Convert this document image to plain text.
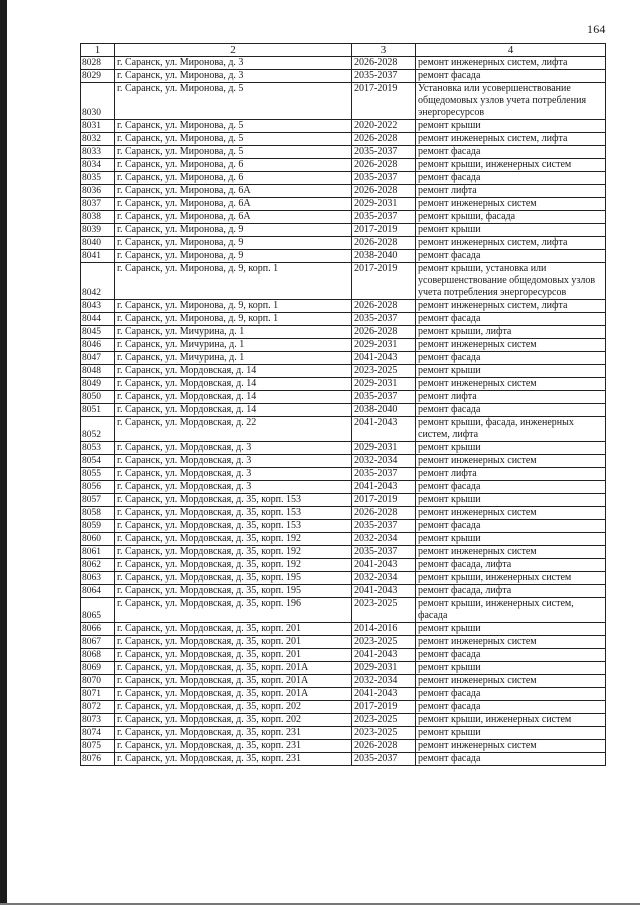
164
1	2	3	4
8028	г. Саранск, ул. Миронова, д. 3	2026-2028	ремонт инженерных систем, лифта
8029	г. Саранск, ул. Миронова, д. 3	2035-2037	ремонт фасада
8030	г. Саранск, ул. Миронова, д. 5	2017-2019	Установка или усовершенствование общедомовых узлов учета потребления энергоресурсов
8031	г. Саранск, ул. Миронова, д. 5	2020-2022	ремонт крыши
8032	г. Саранск, ул. Миронова, д. 5	2026-2028	ремонт инженерных систем, лифта
8033	г. Саранск, ул. Миронова, д. 5	2035-2037	ремонт фасада
8034	г. Саранск, ул. Миронова, д. 6	2026-2028	ремонт крыши, инженерных систем
8035	г. Саранск, ул. Миронова, д. 6	2035-2037	ремонт фасада
8036	г. Саранск, ул. Миронова, д. 6А	2026-2028	ремонт лифта
8037	г. Саранск, ул. Миронова, д. 6А	2029-2031	ремонт инженерных систем
8038	г. Саранск, ул. Миронова, д. 6А	2035-2037	ремонт крыши, фасада
8039	г. Саранск, ул. Миронова, д. 9	2017-2019	ремонт крыши
8040	г. Саранск, ул. Миронова, д. 9	2026-2028	ремонт инженерных систем, лифта
8041	г. Саранск, ул. Миронова, д. 9	2038-2040	ремонт фасада
8042	г. Саранск, ул. Миронова, д. 9, корп. 1	2017-2019	ремонт крыши, установка или усовершенствование общедомовых узлов учета потребления энергоресурсов
8043	г. Саранск, ул. Миронова, д. 9, корп. 1	2026-2028	ремонт инженерных систем, лифта
8044	г. Саранск, ул. Миронова, д. 9, корп. 1	2035-2037	ремонт фасада
8045	г. Саранск, ул. Мичурина, д. 1	2026-2028	ремонт крыши, лифта
8046	г. Саранск, ул. Мичурина, д. 1	2029-2031	ремонт инженерных систем
8047	г. Саранск, ул. Мичурина, д. 1	2041-2043	ремонт фасада
8048	г. Саранск, ул. Мордовская, д. 14	2023-2025	ремонт крыши
8049	г. Саранск, ул. Мордовская, д. 14	2029-2031	ремонт инженерных систем
8050	г. Саранск, ул. Мордовская, д. 14	2035-2037	ремонт лифта
8051	г. Саранск, ул. Мордовская, д. 14	2038-2040	ремонт фасада
8052	г. Саранск, ул. Мордовская, д. 22	2041-2043	ремонт крыши, фасада, инженерных систем, лифта
8053	г. Саранск, ул. Мордовская, д. 3	2029-2031	ремонт крыши
8054	г. Саранск, ул. Мордовская, д. 3	2032-2034	ремонт инженерных систем
8055	г. Саранск, ул. Мордовская, д. 3	2035-2037	ремонт лифта
8056	г. Саранск, ул. Мордовская, д. 3	2041-2043	ремонт фасада
8057	г. Саранск, ул. Мордовская, д. 35, корп. 153	2017-2019	ремонт крыши
8058	г. Саранск, ул. Мордовская, д. 35, корп. 153	2026-2028	ремонт инженерных систем
8059	г. Саранск, ул. Мордовская, д. 35, корп. 153	2035-2037	ремонт фасада
8060	г. Саранск, ул. Мордовская, д. 35, корп. 192	2032-2034	ремонт крыши
8061	г. Саранск, ул. Мордовская, д. 35, корп. 192	2035-2037	ремонт инженерных систем
8062	г. Саранск, ул. Мордовская, д. 35, корп. 192	2041-2043	ремонт фасада, лифта
8063	г. Саранск, ул. Мордовская, д. 35, корп. 195	2032-2034	ремонт крыши, инженерных систем
8064	г. Саранск, ул. Мордовская, д. 35, корп. 195	2041-2043	ремонт фасада, лифта
8065	г. Саранск, ул. Мордовская, д. 35, корп. 196	2023-2025	ремонт крыши, инженерных систем, фасада
8066	г. Саранск, ул. Мордовская, д. 35, корп. 201	2014-2016	ремонт крыши
8067	г. Саранск, ул. Мордовская, д. 35, корп. 201	2023-2025	ремонт инженерных систем
8068	г. Саранск, ул. Мордовская, д. 35, корп. 201	2041-2043	ремонт фасада
8069	г. Саранск, ул. Мордовская, д. 35, корп. 201А	2029-2031	ремонт крыши
8070	г. Саранск, ул. Мордовская, д. 35, корп. 201А	2032-2034	ремонт инженерных систем
8071	г. Саранск, ул. Мордовская, д. 35, корп. 201А	2041-2043	ремонт фасада
8072	г. Саранск, ул. Мордовская, д. 35, корп. 202	2017-2019	ремонт фасада
8073	г. Саранск, ул. Мордовская, д. 35, корп. 202	2023-2025	ремонт крыши, инженерных систем
8074	г. Саранск, ул. Мордовская, д. 35, корп. 231	2023-2025	ремонт крыши
8075	г. Саранск, ул. Мордовская, д. 35, корп. 231	2026-2028	ремонт инженерных систем
8076	г. Саранск, ул. Мордовская, д. 35, корп. 231	2035-2037	ремонт фасада
